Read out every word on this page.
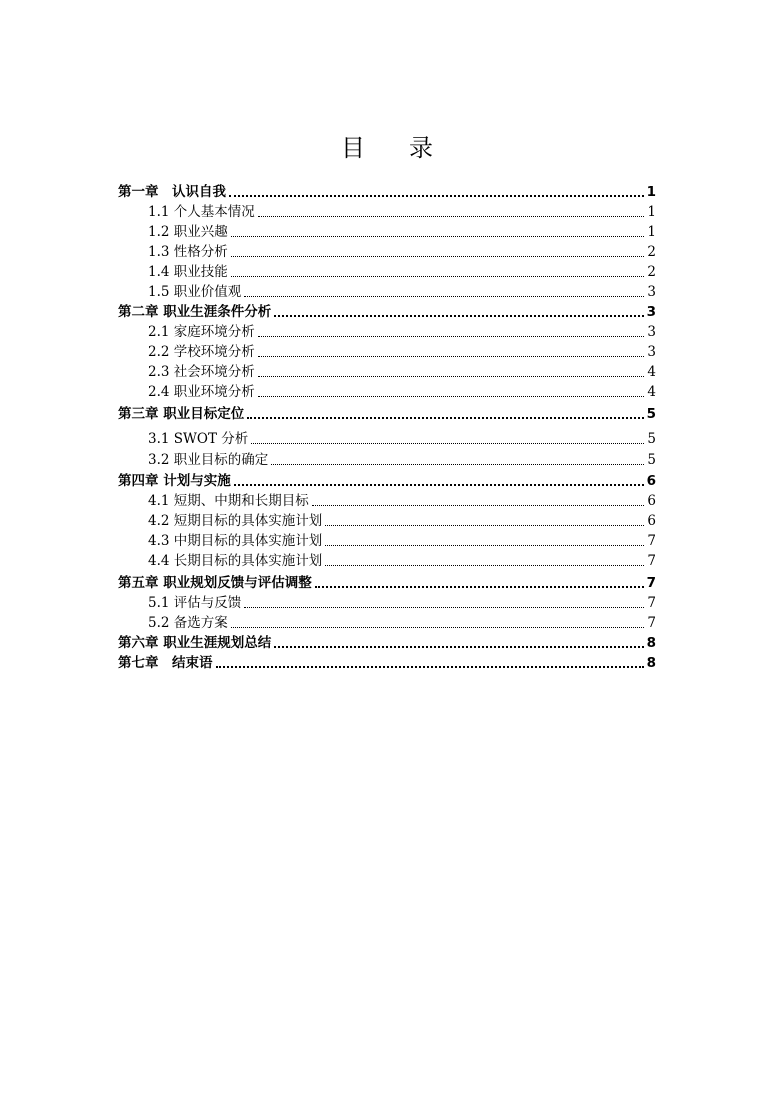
目 录
第一章　认识自我	1
1.1 个人基本情况	1
1.2 职业兴趣	1
1.3 性格分析	2
1.4 职业技能	2
1.5 职业价值观	3
第二章 职业生涯条件分析	3
2.1 家庭环境分析	3
2.2 学校环境分析	3
2.3 社会环境分析	4
2.4 职业环境分析	4
第三章 职业目标定位	5
3.1 SWOT 分析	5
3.2 职业目标的确定	5
第四章 计划与实施	6
4.1 短期、中期和长期目标	6
4.2 短期目标的具体实施计划	6
4.3 中期目标的具体实施计划	7
4.4 长期目标的具体实施计划	7
第五章 职业规划反馈与评估调整	7
5.1 评估与反馈	7
5.2 备选方案	7
第六章 职业生涯规划总结	8
第七章　结束语	8
